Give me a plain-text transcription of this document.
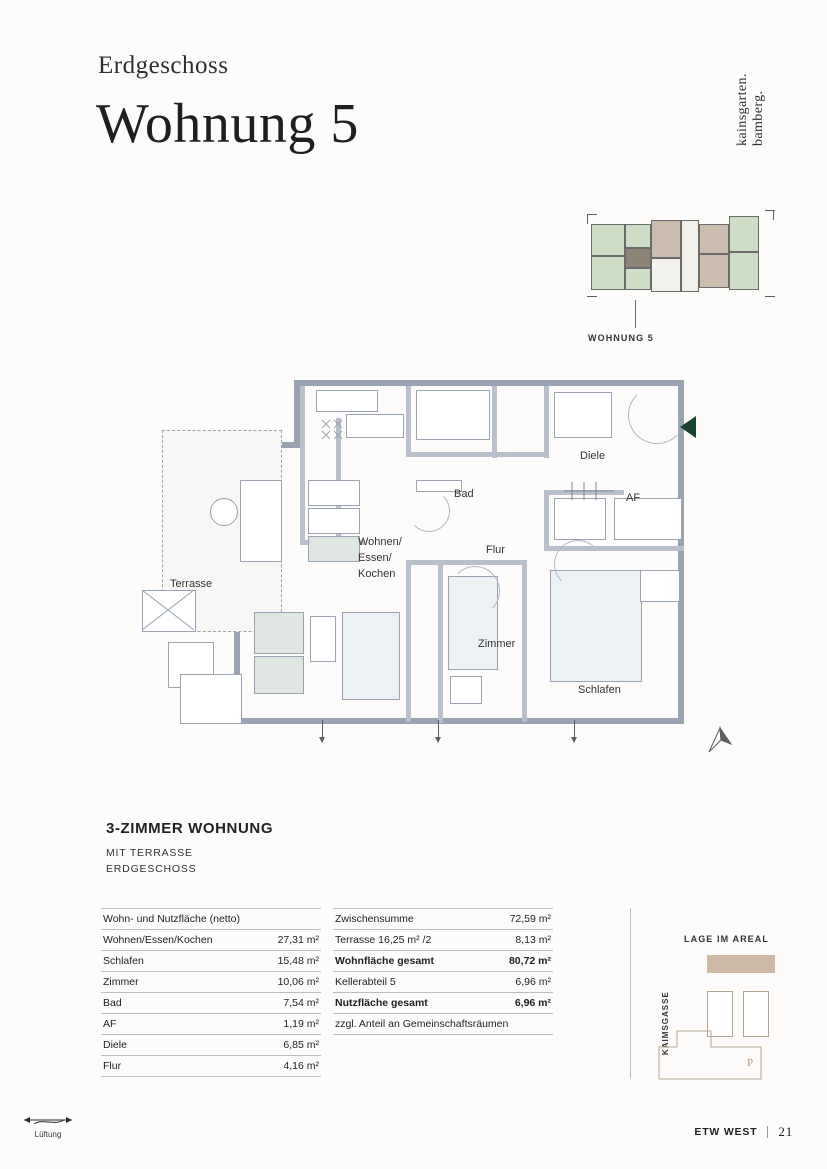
Erdgeschoss
Wohnung 5	kainsgarten. bamberg.
WOHNUNG 5
Terrasse
Wohnen/
Essen/
Kochen
Bad
Diele
AF
Flur
Zimmer
Schlafen
3-ZIMMER WOHNUNG
MIT TERRASSE
ERDGESCHOSS
Wohn- und Nutzfläche (netto)
Wohnen/Essen/Kochen	27,31 m²
Schlafen	15,48 m²
Zimmer	10,06 m²
Bad	7,54 m²
AF	1,19 m²
Diele	6,85 m²
Flur	4,16 m²
Zwischensumme	72,59 m²
Terrasse 16,25 m² /2	8,13 m²
Wohnfläche gesamt	80,72 m²
Kellerabteil 5	6,96 m²
Nutzfläche gesamt	6,96 m²
zzgl. Anteil an Gemeinschaftsräumen
LAGE IM AREAL
KAIMSGASSE
P
Lüftung	ETW WEST 21
